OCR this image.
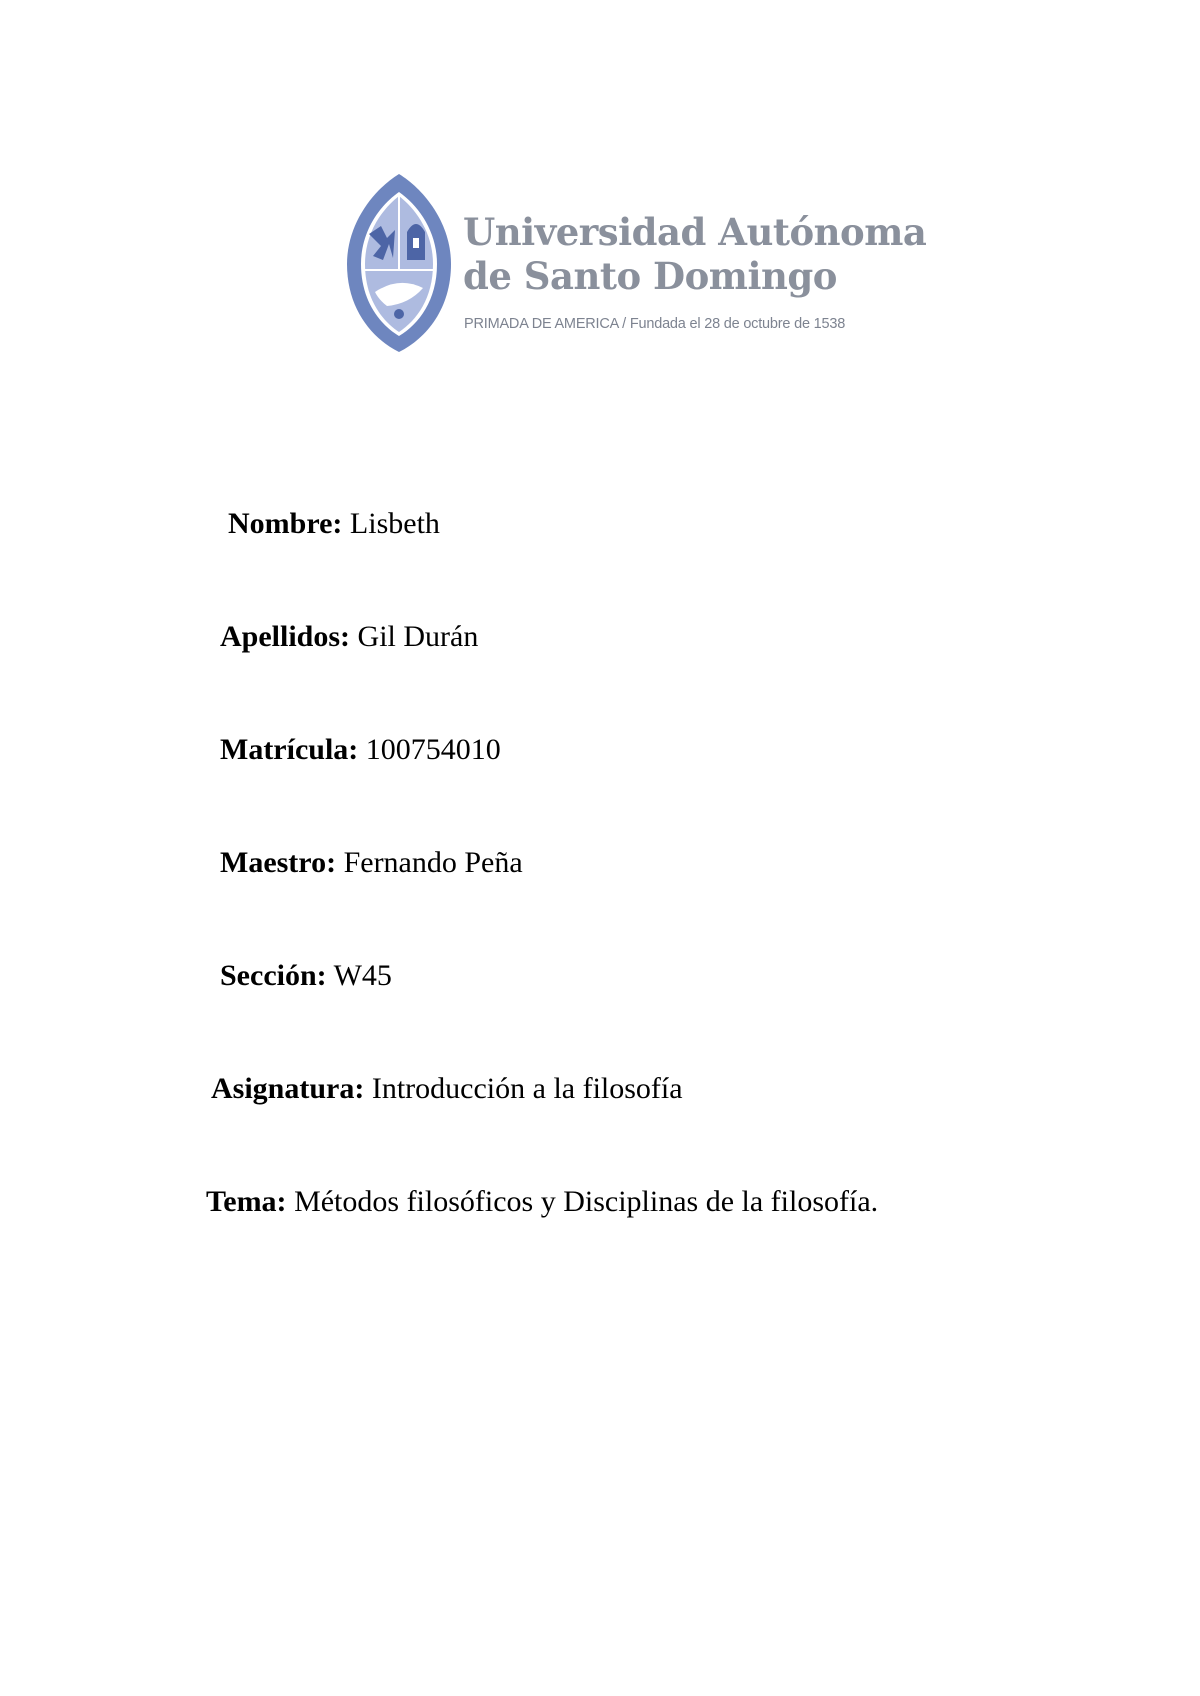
Universidad Autónoma
de Santo Domingo
PRIMADA DE AMERICA / Fundada el 28 de octubre de 1538
Nombre: Lisbeth
Apellidos: Gil Durán
Matrícula: 100754010
Maestro: Fernando Peña
Sección: W45
Asignatura: Introducción a la filosofía
Tema: Métodos filosóficos y Disciplinas de la filosofía.
